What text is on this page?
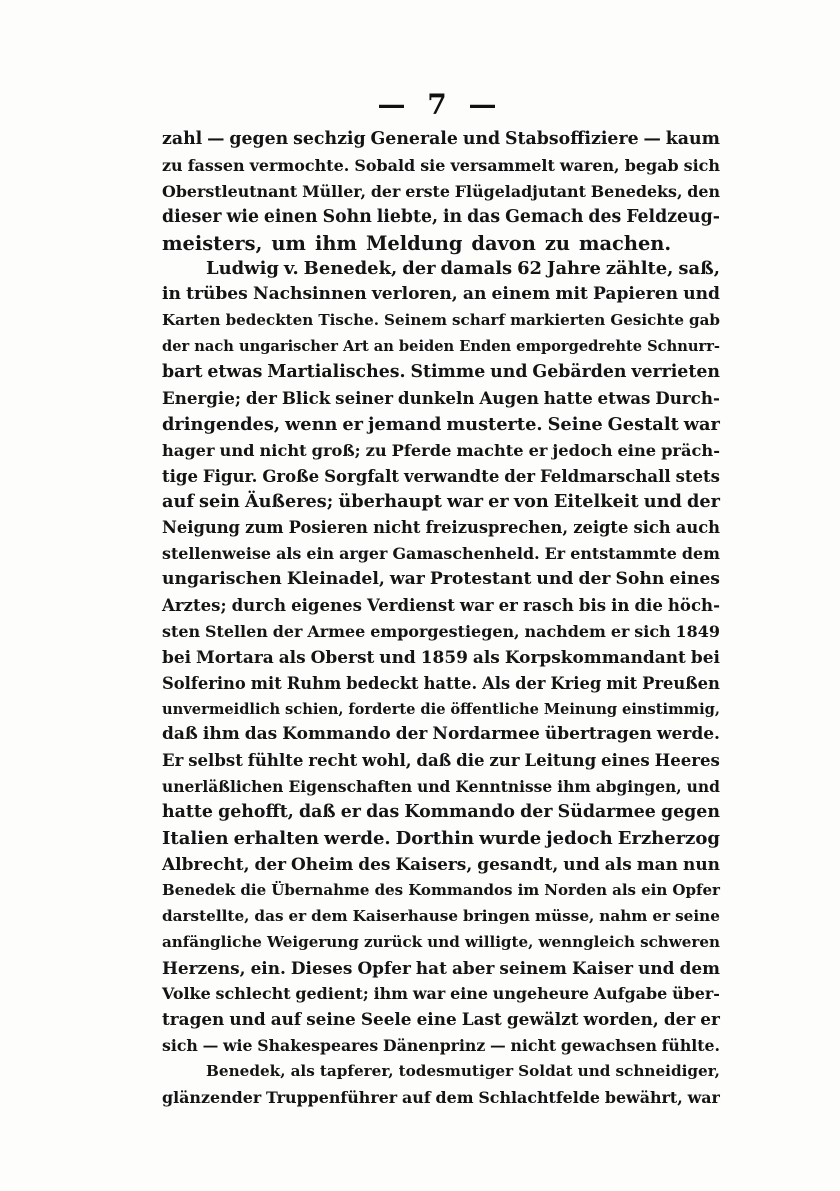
— 7 —
zahl — gegen sechzig Generale und Stabsoffiziere — kaum
zu fassen vermochte. Sobald sie versammelt waren, begab sich
Oberstleutnant Müller, der erste Flügeladjutant Benedeks, den
dieser wie einen Sohn liebte, in das Gemach des Feldzeug-
meisters, um ihm Meldung davon zu machen.
Ludwig v. Benedek, der damals 62 Jahre zählte, saß,
in trübes Nachsinnen verloren, an einem mit Papieren und
Karten bedeckten Tische. Seinem scharf markierten Gesichte gab
der nach ungarischer Art an beiden Enden emporgedrehte Schnurr-
bart etwas Martialisches. Stimme und Gebärden verrieten
Energie; der Blick seiner dunkeln Augen hatte etwas Durch-
dringendes, wenn er jemand musterte. Seine Gestalt war
hager und nicht groß; zu Pferde machte er jedoch eine präch-
tige Figur. Große Sorgfalt verwandte der Feldmarschall stets
auf sein Äußeres; überhaupt war er von Eitelkeit und der
Neigung zum Posieren nicht freizusprechen, zeigte sich auch
stellenweise als ein arger Gamaschenheld. Er entstammte dem
ungarischen Kleinadel, war Protestant und der Sohn eines
Arztes; durch eigenes Verdienst war er rasch bis in die höch-
sten Stellen der Armee emporgestiegen, nachdem er sich 1849
bei Mortara als Oberst und 1859 als Korpskommandant bei
Solferino mit Ruhm bedeckt hatte. Als der Krieg mit Preußen
unvermeidlich schien, forderte die öffentliche Meinung einstimmig,
daß ihm das Kommando der Nordarmee übertragen werde.
Er selbst fühlte recht wohl, daß die zur Leitung eines Heeres
unerläßlichen Eigenschaften und Kenntnisse ihm abgingen, und
hatte gehofft, daß er das Kommando der Südarmee gegen
Italien erhalten werde. Dorthin wurde jedoch Erzherzog
Albrecht, der Oheim des Kaisers, gesandt, und als man nun
Benedek die Übernahme des Kommandos im Norden als ein Opfer
darstellte, das er dem Kaiserhause bringen müsse, nahm er seine
anfängliche Weigerung zurück und willigte, wenngleich schweren
Herzens, ein. Dieses Opfer hat aber seinem Kaiser und dem
Volke schlecht gedient; ihm war eine ungeheure Aufgabe über-
tragen und auf seine Seele eine Last gewälzt worden, der er
sich — wie Shakespeares Dänenprinz — nicht gewachsen fühlte.
Benedek, als tapferer, todesmutiger Soldat und schneidiger,
glänzender Truppenführer auf dem Schlachtfelde bewährt, war
